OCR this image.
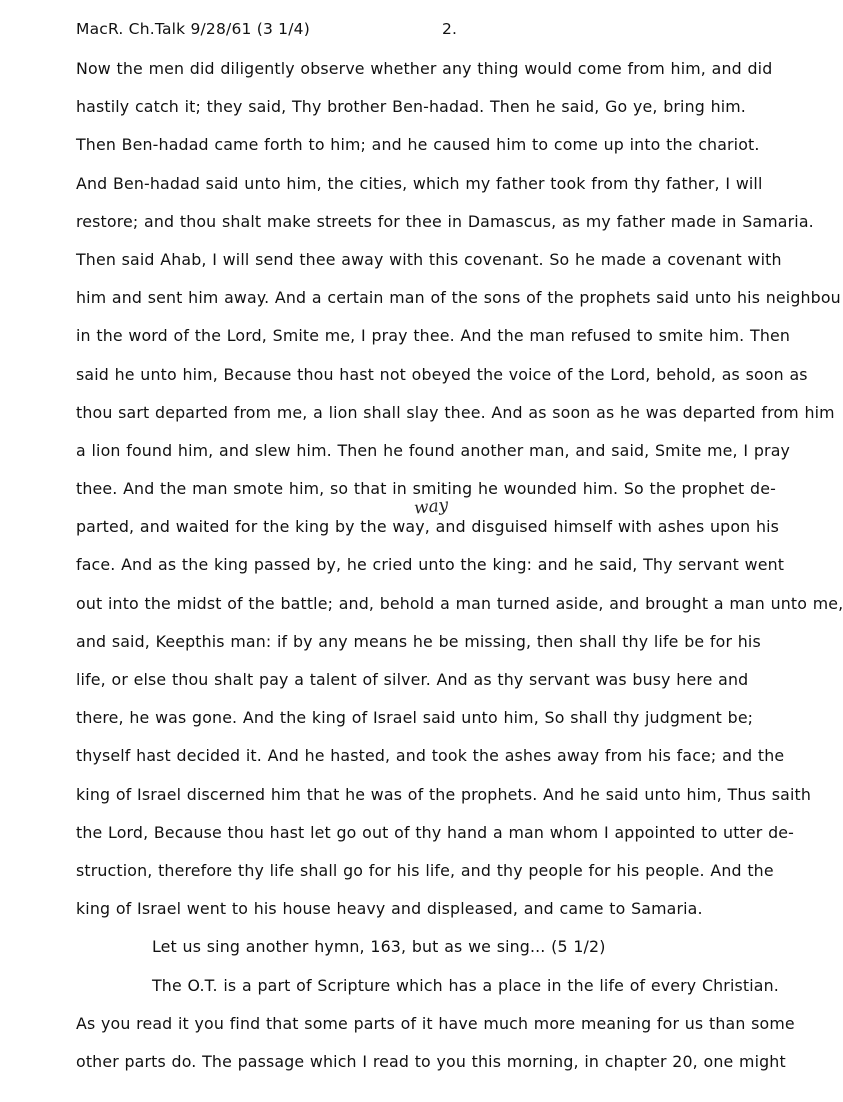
MacR. Ch.Talk 9/28/61 (3 1/4)	2.
way
Now the men did diligently observe whether any thing would come from him, and did
hastily catch it; they said, Thy brother Ben-hadad. Then he said, Go ye, bring him.
Then Ben-hadad came forth to him; and he caused him to come up into the chariot.
And Ben-hadad said unto him, the cities, which my father took from thy father, I will
restore; and thou shalt make streets for thee in Damascus, as my father made in Samaria.
Then said Ahab, I will send thee away with this covenant. So he made a covenant with
him and sent him away. And a certain man of the sons of the prophets said unto his neighbou
in the word of the Lord, Smite me, I pray thee. And the man refused to smite him. Then
said he unto him, Because thou hast not obeyed the voice of the Lord, behold, as soon as
thou sart departed from me, a lion shall slay thee. And as soon as he was departed from him
a lion found him, and slew him. Then he found another man, and said, Smite me, I pray
thee. And the man smote him, so that in smiting he wounded him. So the prophet de-
parted, and waited for the king by the way, and disguised himself with ashes upon his
face. And as the king passed by, he cried unto the king: and he said, Thy servant went
out into the midst of the battle; and, behold a man turned aside, and brought a man unto me,
and said, Keepthis man: if by any means he be missing, then shall thy life be for his
life, or else thou shalt pay a talent of silver. And as thy servant was busy here and
there, he was gone. And the king of Israel said unto him, So shall thy judgment be;
thyself hast decided it. And he hasted, and took the ashes away from his face; and the
king of Israel discerned him that he was of the prophets. And he said unto him, Thus saith
the Lord, Because thou hast let go out of thy hand a man whom I appointed to utter de-
struction, therefore thy life shall go for his life, and thy people for his people. And the
king of Israel went to his house heavy and displeased, and came to Samaria.
Let us sing another hymn, 163, but as we sing... (5 1/2)
The O.T. is a part of Scripture which has a place in the life of every Christian.
As you read it you find that some parts of it have much more meaning for us than some
other parts do. The passage which I read to you this morning, in chapter 20, one might
